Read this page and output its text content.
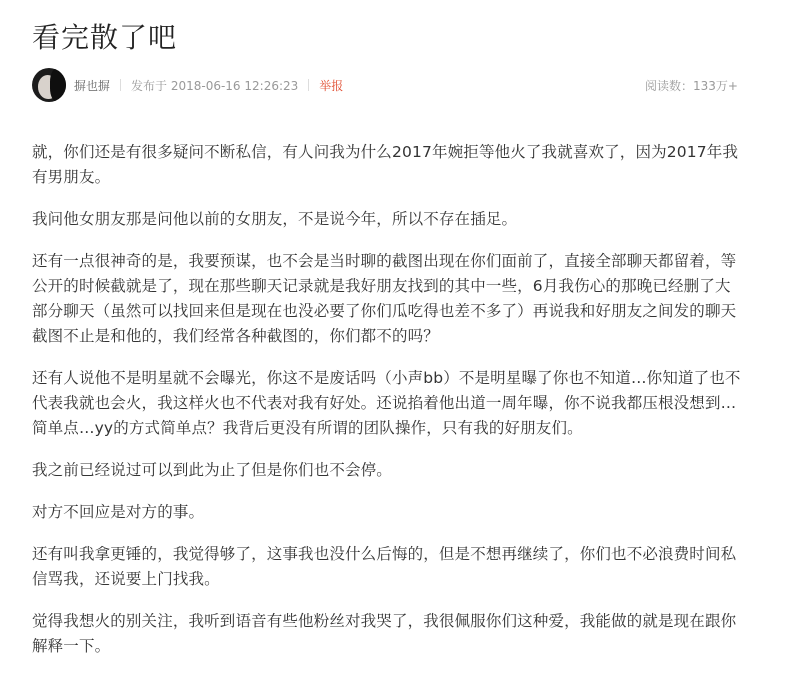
看完散了吧
摒也摒 发布于 2018-06-16 12:26:23 举报	阅读数：133万+

就，你们还是有很多疑问不断私信，有人问我为什么2017年婉拒等他火了我就喜欢了，因为2017年我有男朋友。

我问他女朋友那是问他以前的女朋友，不是说今年，所以不存在插足。

还有一点很神奇的是，我要预谋，也不会是当时聊的截图出现在你们面前了，直接全部聊天都留着，等公开的时候截就是了，现在那些聊天记录就是我好朋友找到的其中一些，6月我伤心的那晚已经删了大部分聊天（虽然可以找回来但是现在也没必要了你们瓜吃得也差不多了）再说我和好朋友之间发的聊天截图不止是和他的，我们经常各种截图的，你们都不的吗？

还有人说他不是明星就不会曝光，你这不是废话吗（小声bb）不是明星曝了你也不知道…你知道了也不代表我就也会火，我这样火也不代表对我有好处。还说掐着他出道一周年曝，你不说我都压根没想到…简单点…yy的方式简单点？我背后更没有所谓的团队操作，只有我的好朋友们。

我之前已经说过可以到此为止了但是你们也不会停。

对方不回应是对方的事。

还有叫我拿更锤的，我觉得够了，这事我也没什么后悔的，但是不想再继续了，你们也不必浪费时间私信骂我，还说要上门找我。

觉得我想火的别关注，我听到语音有些他粉丝对我哭了，我很佩服你们这种爱，我能做的就是现在跟你解释一下。
